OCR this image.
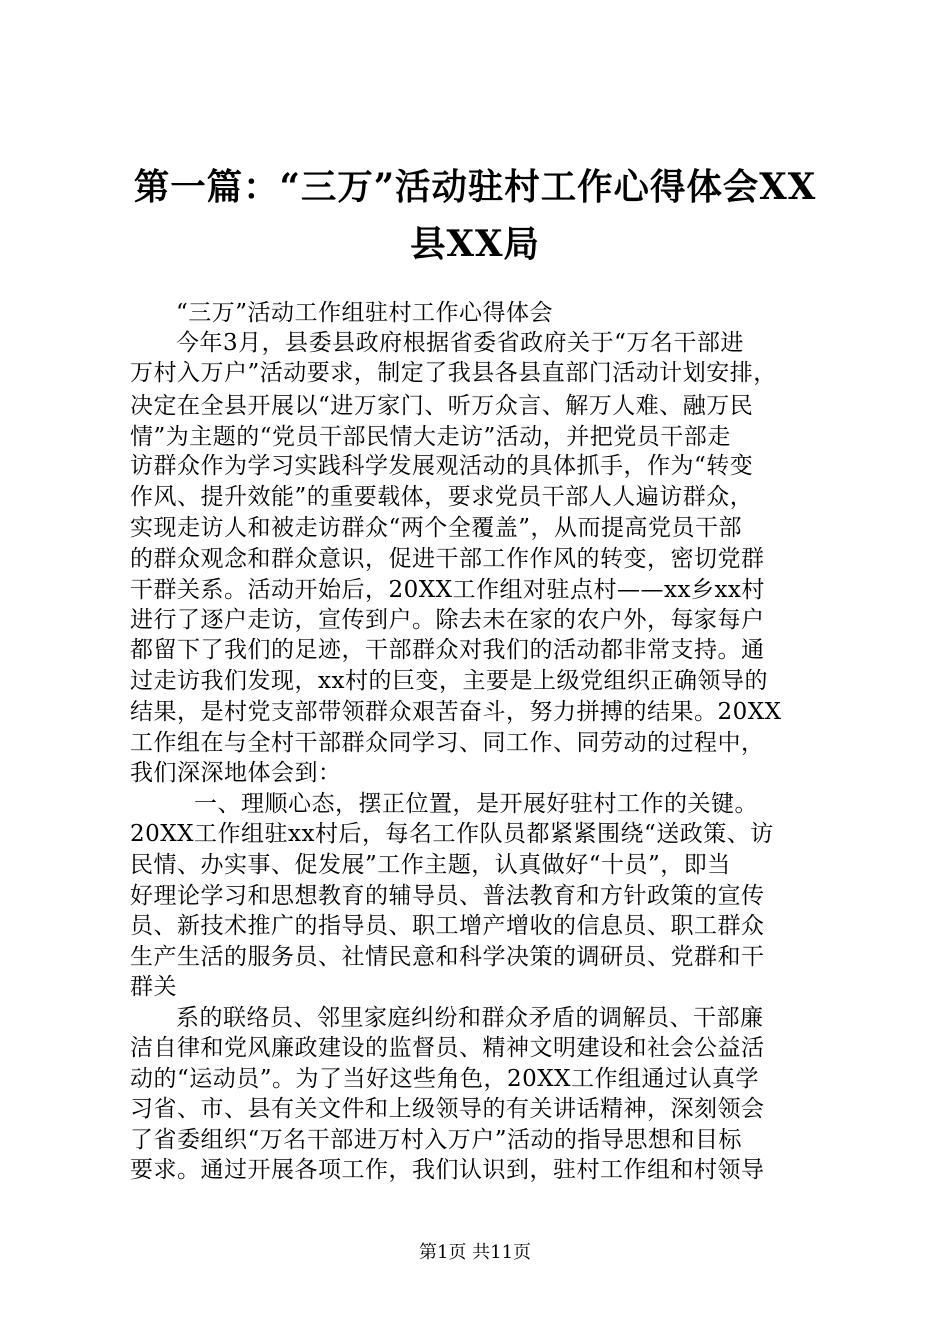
第一篇：“三万”活动驻村工作心得体会XX
县XX局
“三万”活动工作组驻村工作心得体会
今年3月，县委县政府根据省委省政府关于“万名干部进
万村入万户”活动要求，制定了我县各县直部门活动计划安排，
决定在全县开展以“进万家门、听万众言、解万人难、融万民
情”为主题的“党员干部民情大走访”活动，并把党员干部走
访群众作为学习实践科学发展观活动的具体抓手，作为“转变
作风、提升效能”的重要载体，要求党员干部人人遍访群众，
实现走访人和被走访群众“两个全覆盖”，从而提高党员干部
的群众观念和群众意识，促进干部工作作风的转变，密切党群
干群关系。活动开始后，20XX工作组对驻点村——xx乡xx村
进行了逐户走访，宣传到户。除去未在家的农户外，每家每户
都留下了我们的足迹，干部群众对我们的活动都非常支持。通
过走访我们发现，xx村的巨变，主要是上级党组织正确领导的
结果，是村党支部带领群众艰苦奋斗，努力拼搏的结果。20XX
工作组在与全村干部群众同学习、同工作、同劳动的过程中，
我们深深地体会到：
一、理顺心态，摆正位置，是开展好驻村工作的关键。
20XX工作组驻xx村后，每名工作队员都紧紧围绕“送政策、访
民情、办实事、促发展”工作主题，认真做好“十员”，即当
好理论学习和思想教育的辅导员、普法教育和方针政策的宣传
员、新技术推广的指导员、职工增产增收的信息员、职工群众
生产生活的服务员、社情民意和科学决策的调研员、党群和干
群关
系的联络员、邻里家庭纠纷和群众矛盾的调解员、干部廉
洁自律和党风廉政建设的监督员、精神文明建设和社会公益活
动的“运动员”。为了当好这些角色，20XX工作组通过认真学
习省、市、县有关文件和上级领导的有关讲话精神，深刻领会
了省委组织“万名干部进万村入万户”活动的指导思想和目标
要求。通过开展各项工作，我们认识到，驻村工作组和村领导
第1页 共11页
